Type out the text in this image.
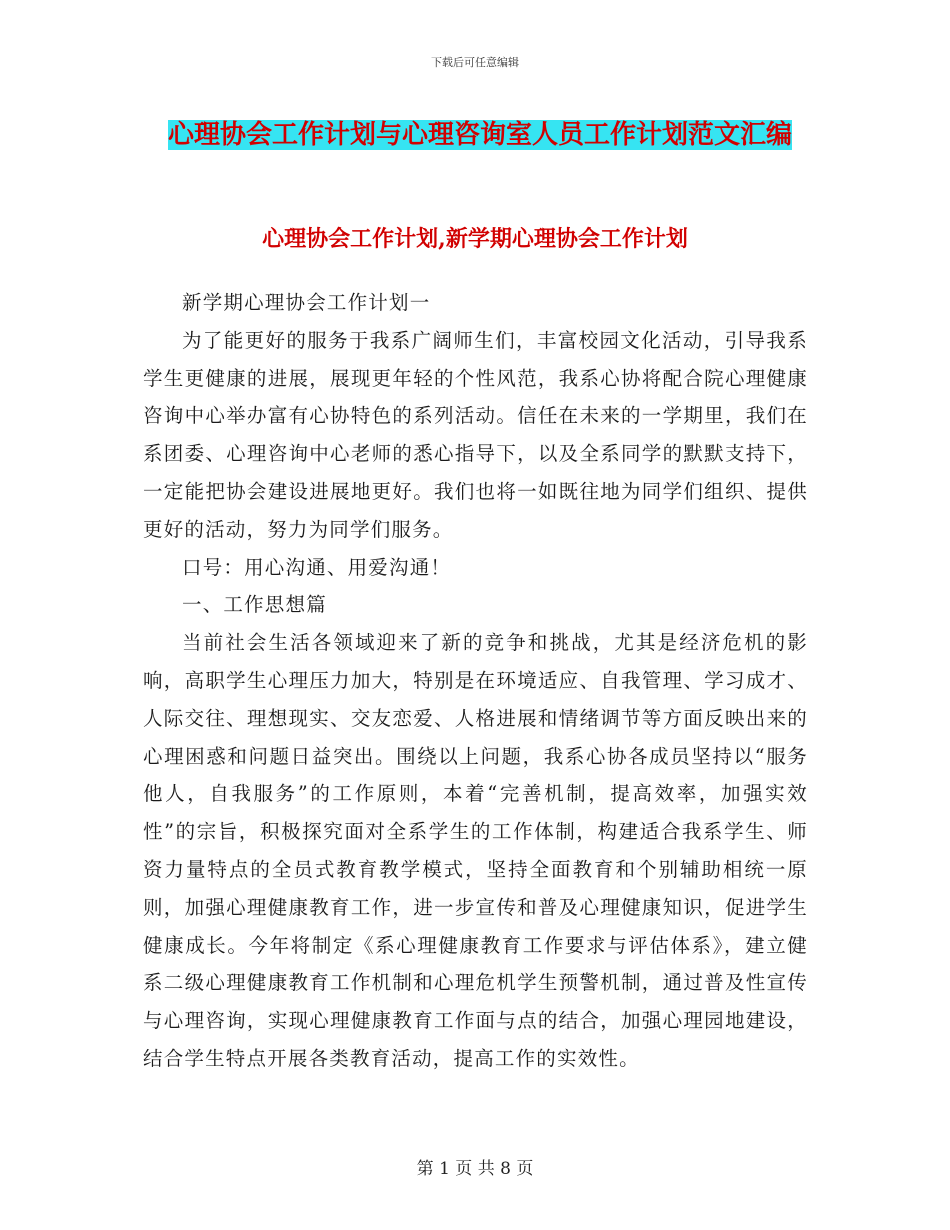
下载后可任意编辑
心理协会工作计划与心理咨询室人员工作计划范文汇编
心理协会工作计划,新学期心理协会工作计划

新学期心理协会工作计划一

为了能更好的服务于我系广阔师生们，丰富校园文化活动，引导我系学生更健康的进展，展现更年轻的个性风范，我系心协将配合院心理健康咨询中心举办富有心协特色的系列活动。信任在未来的一学期里，我们在系团委、心理咨询中心老师的悉心指导下，以及全系同学的默默支持下，一定能把协会建设进展地更好。我们也将一如既往地为同学们组织、提供更好的活动，努力为同学们服务。

口号：用心沟通、用爱沟通！

一、工作思想篇

当前社会生活各领域迎来了新的竞争和挑战，尤其是经济危机的影响，高职学生心理压力加大，特别是在环境适应、自我管理、学习成才、人际交往、理想现实、交友恋爱、人格进展和情绪调节等方面反映出来的心理困惑和问题日益突出。围绕以上问题，我系心协各成员坚持以“服务他人，自我服务”的工作原则，本着“完善机制，提高效率，加强实效性”的宗旨，积极探究面对全系学生的工作体制，构建适合我系学生、师资力量特点的全员式教育教学模式，坚持全面教育和个别辅助相统一原则，加强心理健康教育工作，进一步宣传和普及心理健康知识，促进学生健康成长。今年将制定《系心理健康教育工作要求与评估体系》，建立健系二级心理健康教育工作机制和心理危机学生预警机制，通过普及性宣传与心理咨询，实现心理健康教育工作面与点的结合，加强心理园地建设，结合学生特点开展各类教育活动，提高工作的实效性。

第 1 页 共 8 页
